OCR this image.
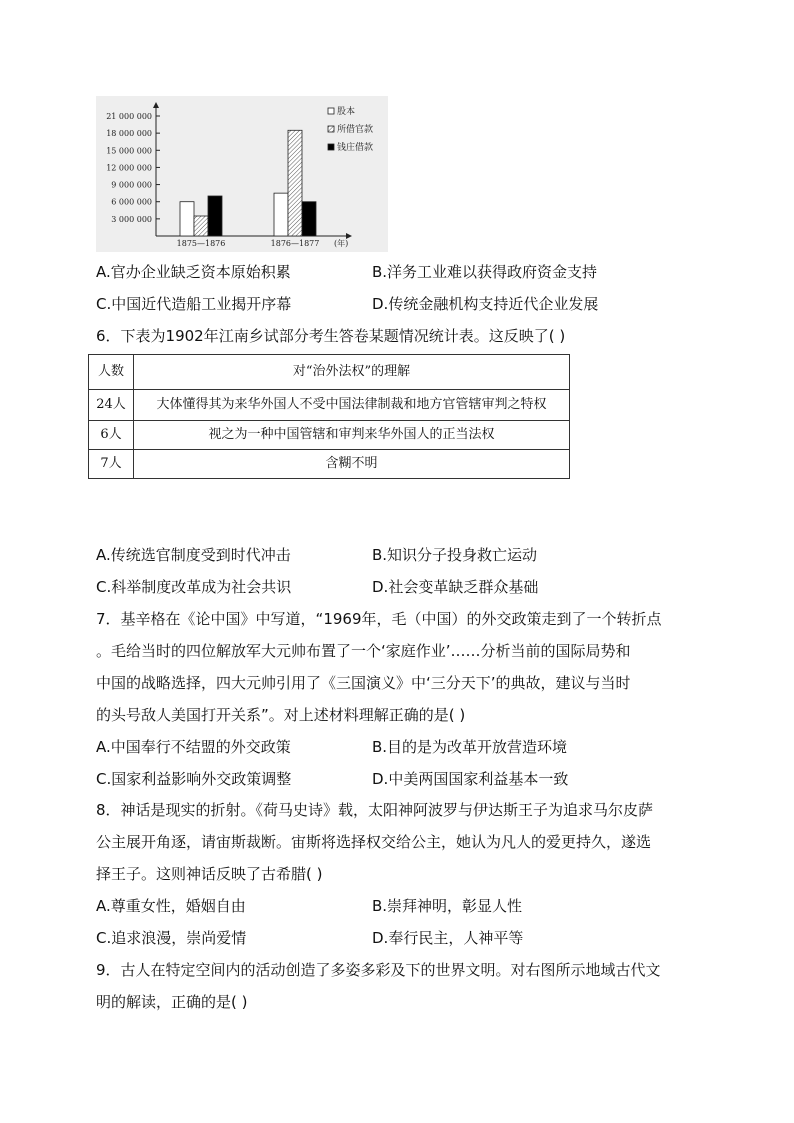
3 000 000
6 000 000
9 000 000
12 000 000
15 000 000
18 000 000
21 000 000
1875—1876	1876—1877 (年)
股本
所借官款
钱庄借款
A.官办企业缺乏资本原始积累	B.洋务工业难以获得政府资金支持
C.中国近代造船工业揭开序幕	D.传统金融机构支持近代企业发展
6．下表为1902年江南乡试部分考生答卷某题情况统计表。这反映了( )
人数	对“治外法权”的理解
24人	大体懂得其为来华外国人不受中国法律制裁和地方官管辖审判之特权
6人	视之为一种中国管辖和审判来华外国人的正当法权
7人	含糊不明
A.传统选官制度受到时代冲击	B.知识分子投身救亡运动
C.科举制度改革成为社会共识	D.社会变革缺乏群众基础
7．基辛格在《论中国》中写道，“1969年，毛（中国）的外交政策走到了一个转折点
。毛给当时的四位解放军大元帅布置了一个‘家庭作业’……分析当前的国际局势和
中国的战略选择，四大元帅引用了《三国演义》中‘三分天下’的典故，建议与当时
的头号敌人美国打开关系”。对上述材料理解正确的是( )
A.中国奉行不结盟的外交政策	B.目的是为改革开放营造环境
C.国家利益影响外交政策调整	D.中美两国国家利益基本一致
8．神话是现实的折射。《荷马史诗》载，太阳神阿波罗与伊达斯王子为追求马尔皮萨
公主展开角逐，请宙斯裁断。宙斯将选择权交给公主，她认为凡人的爱更持久，遂选
择王子。这则神话反映了古希腊( )
A.尊重女性，婚姻自由	B.崇拜神明，彰显人性
C.追求浪漫，崇尚爱情	D.奉行民主，人神平等
9．古人在特定空间内的活动创造了多姿多彩及下的世界文明。对右图所示地域古代文
明的解读，正确的是( )
